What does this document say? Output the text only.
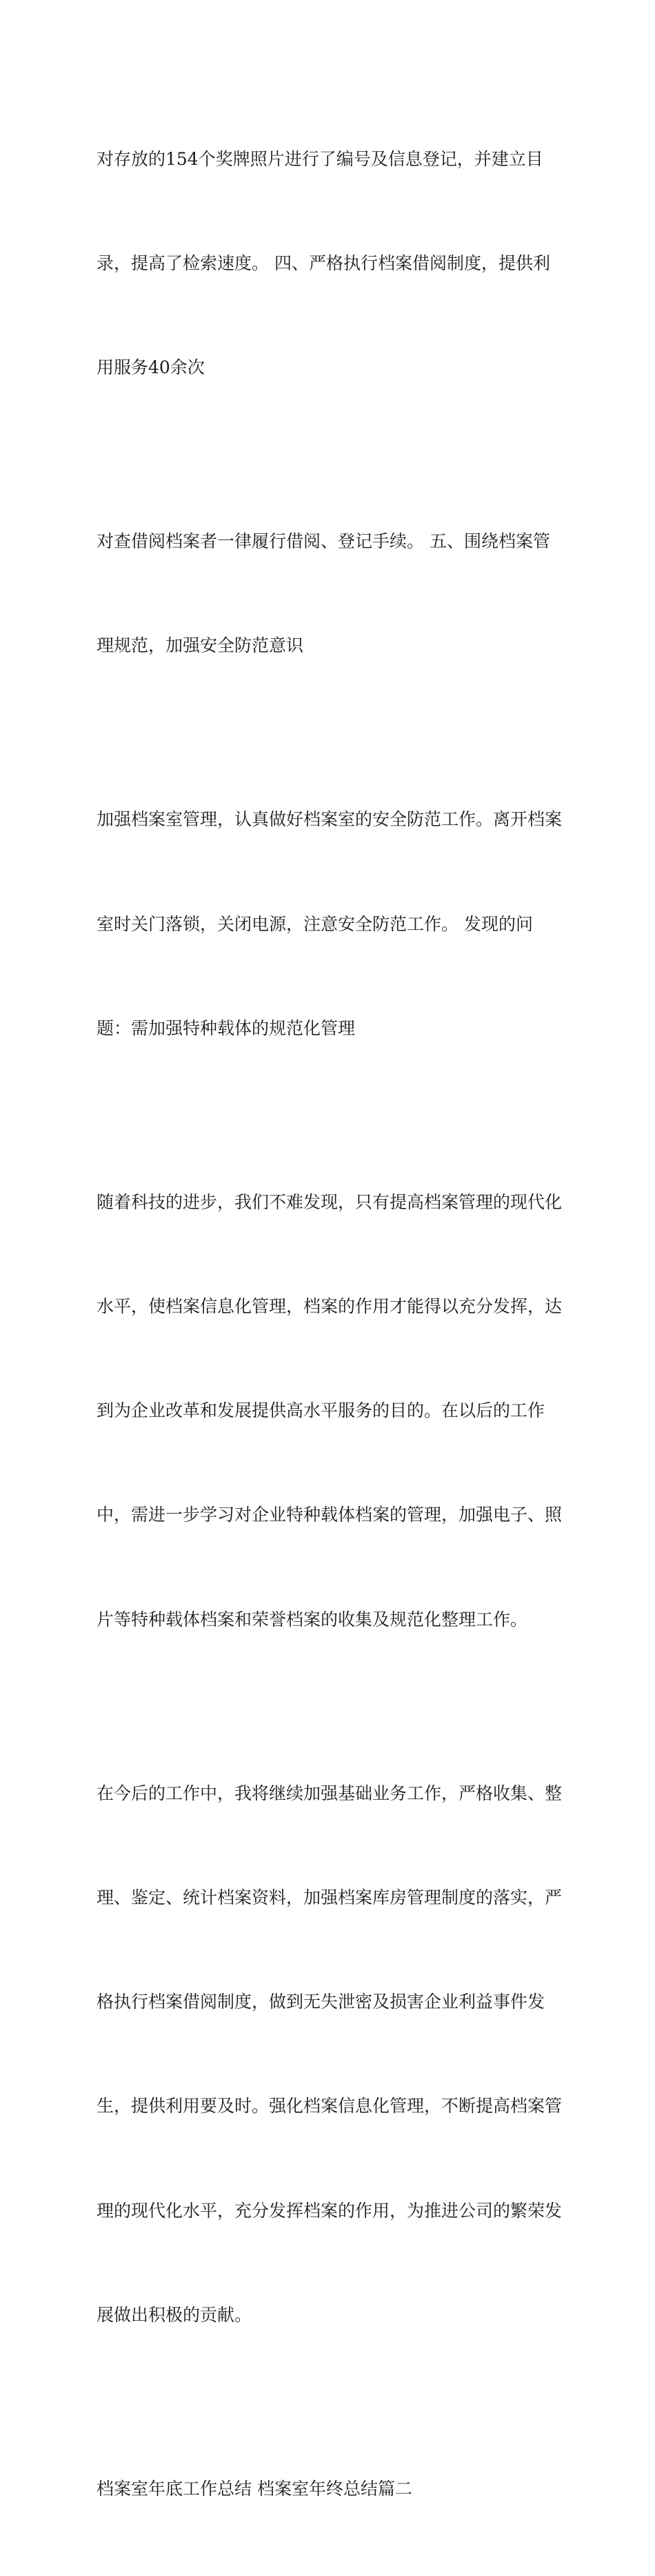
对存放的154个奖牌照片进行了编号及信息登记，并建立目

录，提高了检索速度。 四、严格执行档案借阅制度，提供利

用服务40余次

对查借阅档案者一律履行借阅、登记手续。 五、围绕档案管

理规范，加强安全防范意识

加强档案室管理，认真做好档案室的安全防范工作。离开档案

室时关门落锁，关闭电源，注意安全防范工作。 发现的问

题：需加强特种载体的规范化管理

随着科技的进步，我们不难发现，只有提高档案管理的现代化

水平，使档案信息化管理，档案的作用才能得以充分发挥，达

到为企业改革和发展提供高水平服务的目的。在以后的工作

中，需进一步学习对企业特种载体档案的管理，加强电子、照

片等特种载体档案和荣誉档案的收集及规范化整理工作。

在今后的工作中，我将继续加强基础业务工作，严格收集、整

理、鉴定、统计档案资料，加强档案库房管理制度的落实，严

格执行档案借阅制度，做到无失泄密及损害企业利益事件发

生，提供利用要及时。强化档案信息化管理，不断提高档案管

理的现代化水平，充分发挥档案的作用，为推进公司的繁荣发

展做出积极的贡献。

档案室年底工作总结 档案室年终总结篇二
